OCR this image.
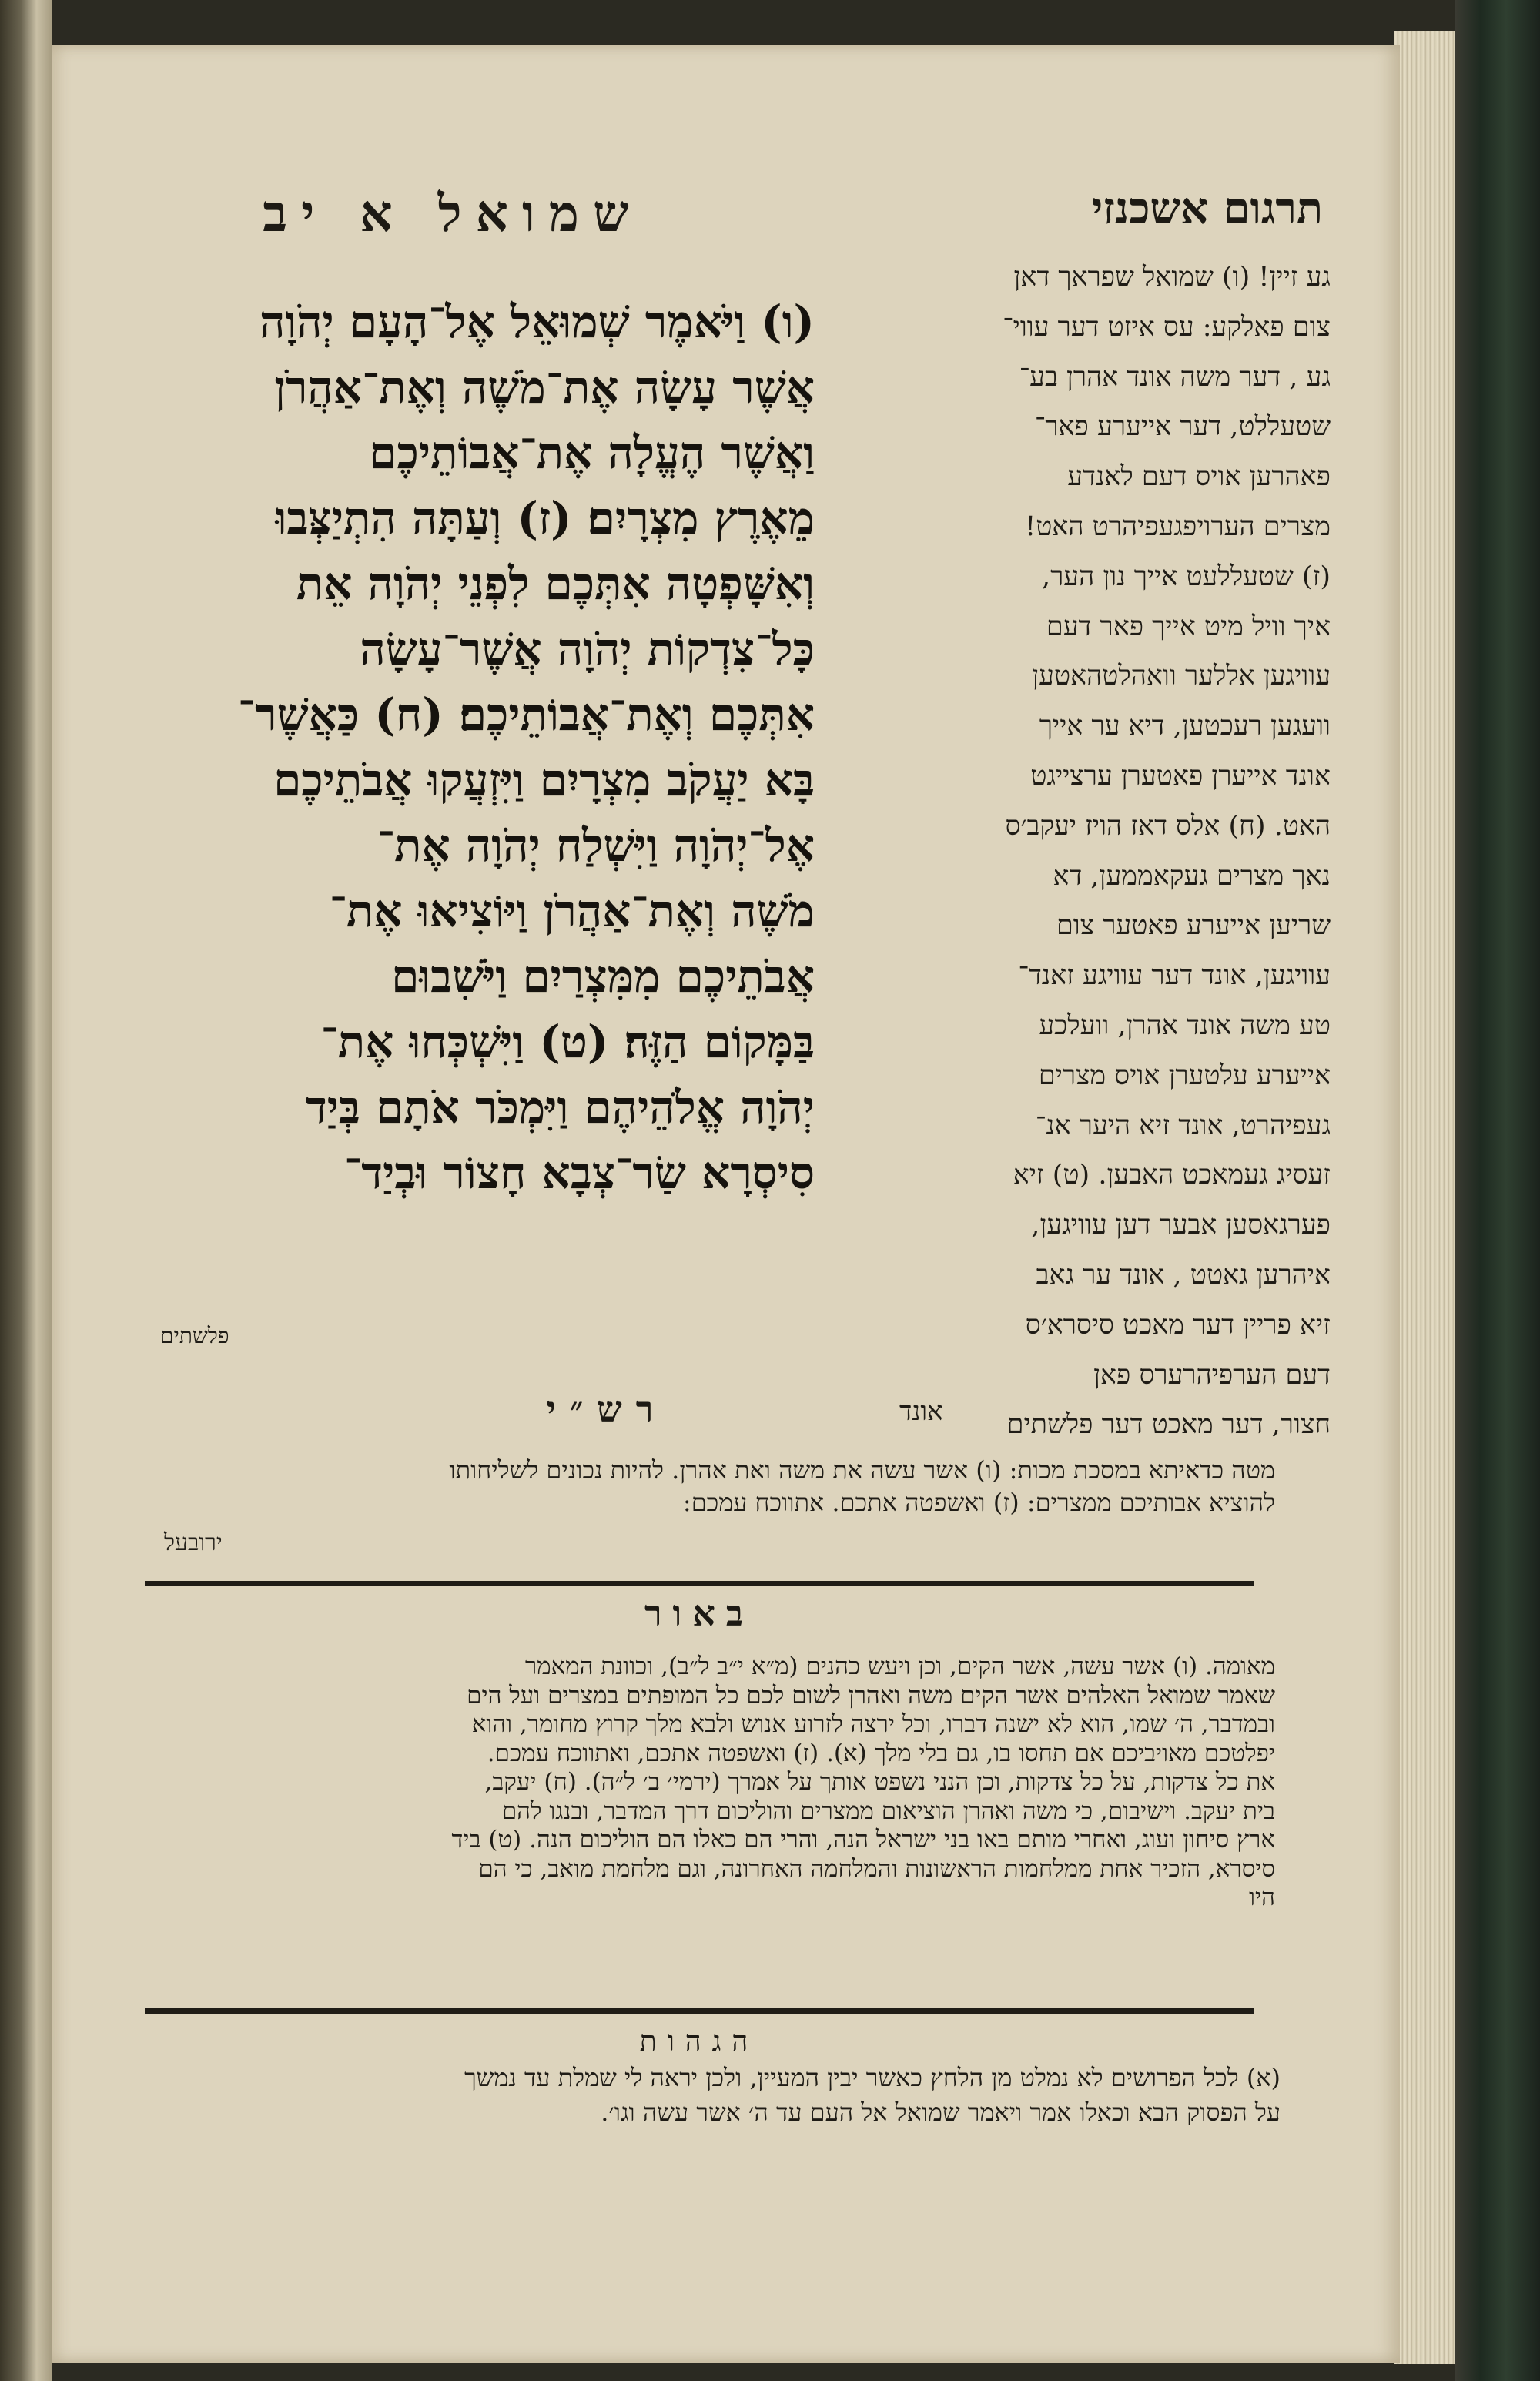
תרגום אשכנזי
שמואל א יב
גע זיין! (ו) שמואל שפראך דאן
צום פאלקע: עס איזט דער עווי־
גע , דער משה אונד אהרן בע־
שטעללט, דער אייערע פאר־
פאהרען אויס דעם לאנדע
מצרים הערויפגעפיהרט האט!
(ז) שטעללעט אייך נון הער,
איך וויל מיט אייך פאר דעם
עוויגען אללער וואהלטהאטען
וועגען רעכטען, דיא ער אייך
אונד אייערן פאטערן ערצייגט
האט. (ח) אלס דאז הויז יעקב׳ס
נאך מצרים געקאממען, דא
שריען אייערע פאטער צום
עוויגען, אונד דער עוויגע זאנד־
טע משה אונד אהרן, וועלכע
אייערע עלטערן אויס מצרים
געפיהרט, אונד זיא היער אנ־
זעסיג געמאכט האבען. (ט) זיא
פערגאסען אבער דען עוויגען,
איהרען גאטט , אונד ער גאב
זיא פריין דער מאכט סיסרא׳ס
דעם הערפיהרערס פאן
חצור, דער מאכט דער פלשתים
אונד
(ו) וַיֹּאמֶר שְׁמוּאֵל אֶל־הָעָם יְהֹוָה
אֲשֶׁר עָשָׂה אֶת־מֹשֶׁה וְאֶת־אַהֲרֹן
וַאֲשֶׁר הֶעֱלָה אֶת־אֲבוֹתֵיכֶם
מֵאֶרֶץ מִצְרָיִם׃ (ז) וְעַתָּה הִתְיַצְּבוּ
וְאִשָּׁפְטָה אִתְּכֶם לִפְנֵי יְהֹוָה אֵת
כָּל־צִדְקוֹת יְהֹוָה אֲשֶׁר־עָשָׂה
אִתְּכֶם וְאֶת־אֲבוֹתֵיכֶם׃ (ח) כַּאֲשֶׁר־
בָּא יַעֲקֹב מִצְרָיִם וַיִּזְעֲקוּ אֲבֹתֵיכֶם
אֶל־יְהֹוָה וַיִּשְׁלַח יְהֹוָה אֶת־
מֹשֶׁה וְאֶת־אַהֲרֹן וַיּוֹצִיאוּ אֶת־
אֲבֹתֵיכֶם מִמִּצְרַיִם וַיֹּשִׁבוּם
בַּמָּקוֹם הַזֶּה׃ (ט) וַיִּשְׁכְּחוּ אֶת־
יְהֹוָה אֱלֹהֵיהֶם וַיִּמְכֹּר אֹתָם בְּיַד
סִיסְרָא שַׂר־צְבָא חָצוֹר וּבְיַד־
פלשתים
רש״י
מטה כדאיתא במסכת מכות: (ו) אשר עשה את משה ואת אהרן. להיות נכונים לשליחותו
להוציא אבותיכם ממצרים: (ז) ואשפטה אתכם. אתווכח עמכם:
ירובעל
באור
מאומה. (ו) אשר עשה, אשר הקים, וכן ויעש כהנים (מ״א י״ב ל״ב), וכוונת המאמר
שאמר שמואל האלהים אשר הקים משה ואהרן לשום לכם כל המופתים במצרים ועל הים
ובמדבר, ה׳ שמו, הוא לא ישנה דברו, וכל ירצה לזרוע אנוש ולבא מלך קרוץ מחומר, והוא
יפלטכם מאויביכם אם תחסו בו, גם בלי מלך (א). (ז) ואשפטה אתכם, ואתווכח עמכם.
את כל צדקות, על כל צדקות, וכן הנני נשפט אותך על אמרך (ירמי׳ ב׳ ל״ה). (ח) יעקב,
בית יעקב. וישיבום, כי משה ואהרן הוציאום ממצרים והוליכום דרך המדבר, ובנגו להם
ארץ סיחון ועוג, ואחרי מותם באו בני ישראל הנה, והרי הם כאלו הם הוליכום הנה. (ט) ביד
סיסרא, הזכיר אחת ממלחמות הראשונות והמלחמה האחרונה, וגם מלחמת מואב, כי הם
היו
הגהות
(א) לכל הפרושים לא נמלט מן הלחץ כאשר יבין המעיין, ולכן יראה לי שמלת עד נמשך
על הפסוק הבא וכאלו אמר ויאמר שמואל אל העם עד ה׳ אשר עשה וגו׳.
